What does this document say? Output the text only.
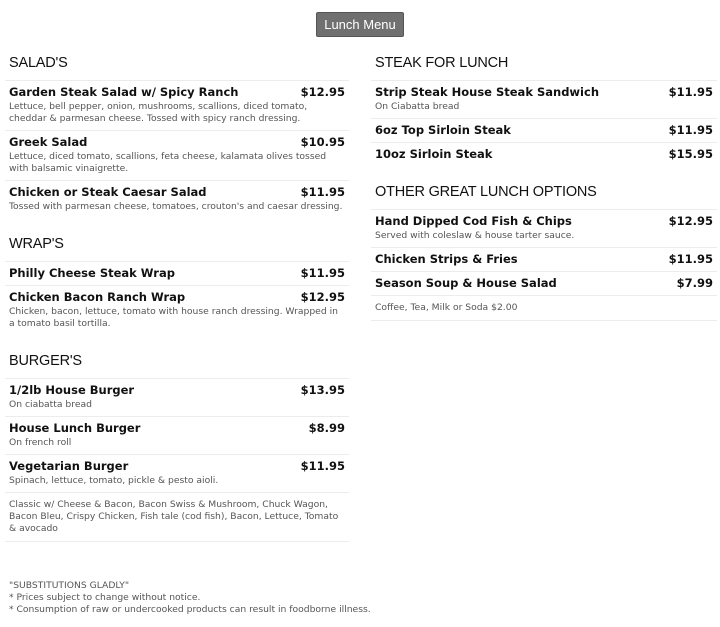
Lunch Menu
SALAD'S
Garden Steak Salad w/ Spicy Ranch	$12.95
Lettuce, bell pepper, onion, mushrooms, scallions, diced tomato, cheddar & parmesan cheese. Tossed with spicy ranch dressing.
Greek Salad	$10.95
Lettuce, diced tomato, scallions, feta cheese, kalamata olives tossed with balsamic vinaigrette.
Chicken or Steak Caesar Salad	$11.95
Tossed with parmesan cheese, tomatoes, crouton's and caesar dressing.
WRAP'S
Philly Cheese Steak Wrap	$11.95
Chicken Bacon Ranch Wrap	$12.95
Chicken, bacon, lettuce, tomato with house ranch dressing. Wrapped in a tomato basil tortilla.
BURGER'S
1/2lb House Burger	$13.95
On ciabatta bread
House Lunch Burger	$8.99
On french roll
Vegetarian Burger	$11.95
Spinach, lettuce, tomato, pickle & pesto aioli.
Classic w/ Cheese & Bacon, Bacon Swiss & Mushroom, Chuck Wagon, Bacon Bleu, Crispy Chicken, Fish tale (cod fish), Bacon, Lettuce, Tomato & avocado
STEAK FOR LUNCH
Strip Steak House Steak Sandwich	$11.95
On Ciabatta bread
6oz Top Sirloin Steak	$11.95
10oz Sirloin Steak	$15.95
OTHER GREAT LUNCH OPTIONS
Hand Dipped Cod Fish & Chips	$12.95
Served with coleslaw & house tarter sauce.
Chicken Strips & Fries	$11.95
Season Soup & House Salad	$7.99
Coffee, Tea, Milk or Soda $2.00
"SUBSTITUTIONS GLADLY"
* Prices subject to change without notice.
* Consumption of raw or undercooked products can result in foodborne illness.
